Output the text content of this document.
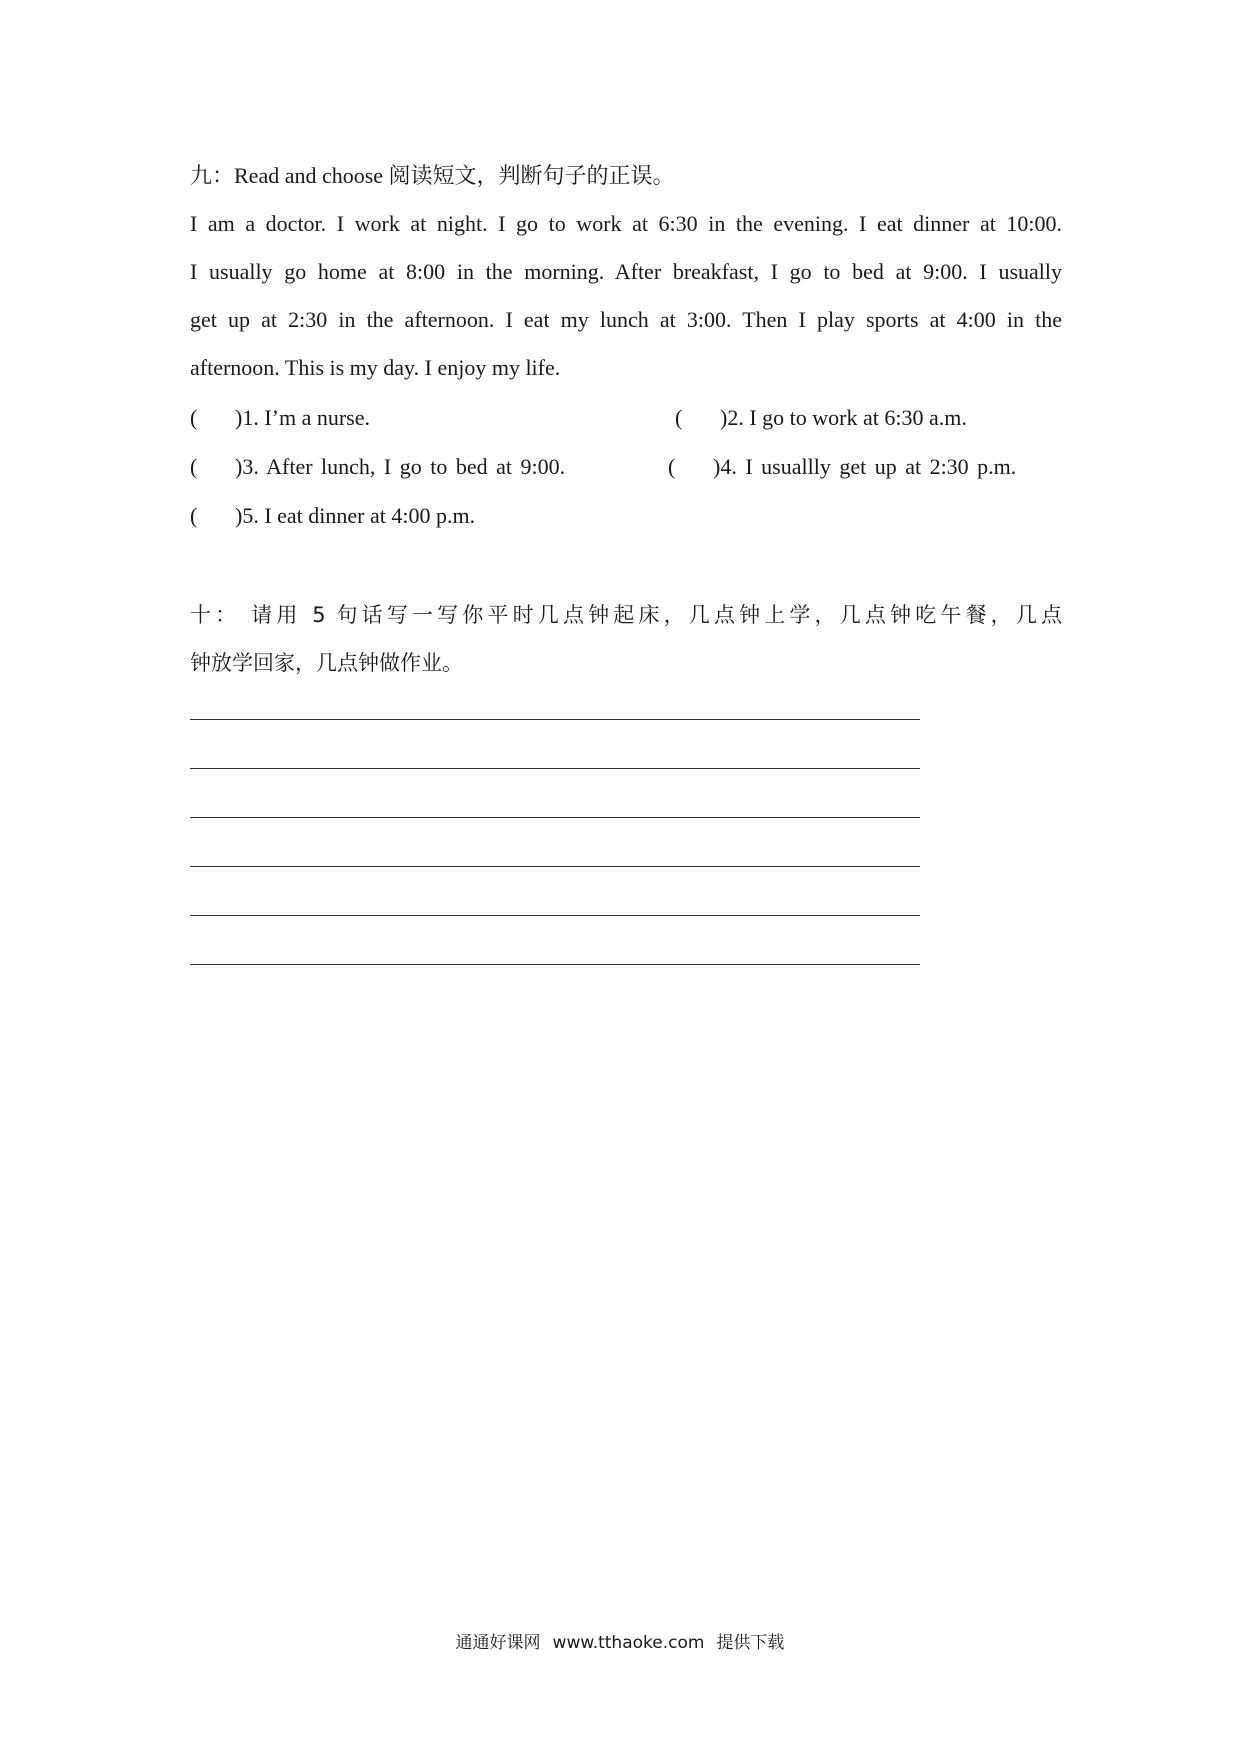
九：Read and choose 阅读短文，判断句子的正误。
I am a doctor. I work at night. I go to work at 6:30 in the evening. I eat dinner at 10:00.
I usually go home at 8:00 in the morning. After breakfast, I go to bed at 9:00. I usually
get up at 2:30 in the afternoon. I eat my lunch at 3:00. Then I play sports at 4:00 in the
afternoon. This is my day. I enjoy my life.
( )1. I’m a nurse.	( )2. I go to work at 6:30 a.m.
( )3. After lunch, I go to bed at 9:00.	( )4. I usuallly get up at 2:30 p.m.
( )5. I eat dinner at 4:00 p.m.
十： 请用 5 句话写一写你平时几点钟起床，几点钟上学，几点钟吃午餐，几点
钟放学回家，几点钟做作业。
通通好课网 www.tthaoke.com 提供下载
